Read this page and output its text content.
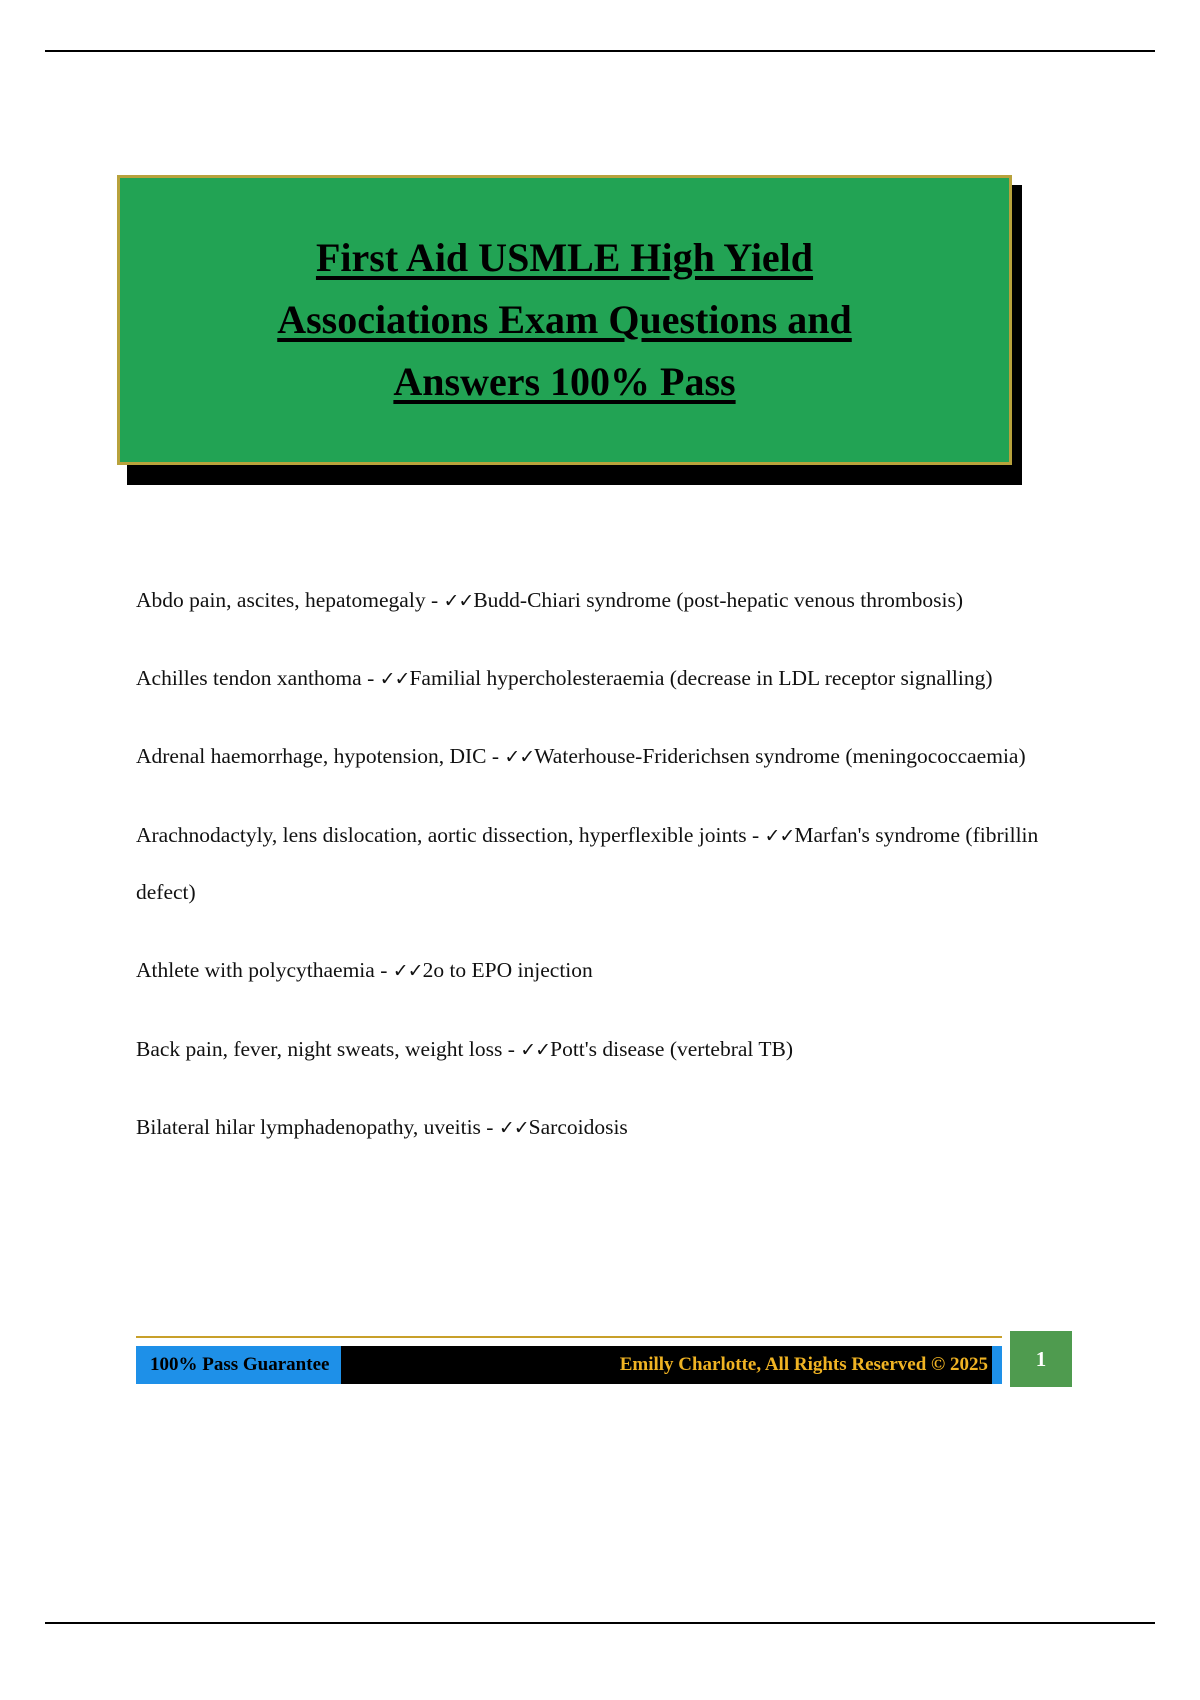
First Aid USMLE High Yield
Associations Exam Questions and
Answers 100% Pass

Abdo pain, ascites, hepatomegaly - ✓✓Budd-Chiari syndrome (post-hepatic venous thrombosis)

Achilles tendon xanthoma - ✓✓Familial hypercholesteraemia (decrease in LDL receptor signalling)

Adrenal haemorrhage, hypotension, DIC - ✓✓Waterhouse-Friderichsen syndrome (meningococcaemia)

Arachnodactyly, lens dislocation, aortic dissection, hyperflexible joints - ✓✓Marfan's syndrome (fibrillin defect)

Athlete with polycythaemia - ✓✓2o to EPO injection

Back pain, fever, night sweats, weight loss - ✓✓Pott's disease (vertebral TB)

Bilateral hilar lymphadenopathy, uveitis - ✓✓Sarcoidosis

100% Pass Guarantee	Emilly Charlotte, All Rights Reserved © 2025	1
